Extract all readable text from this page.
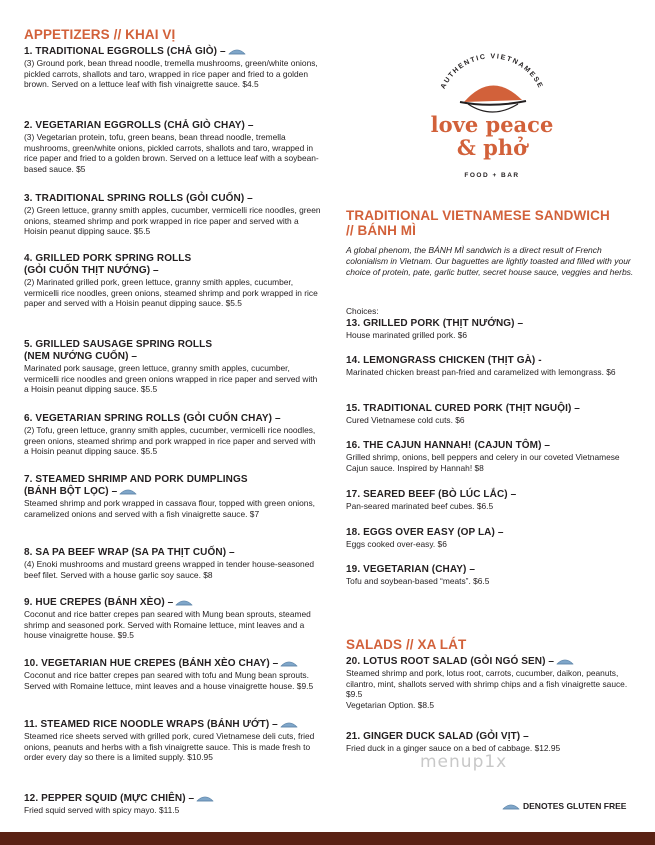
APPETIZERS // KHAI VỊ
1. TRADITIONAL EGGROLLS (CHẢ GIÒ) –
(3) Ground pork, bean thread noodle, tremella mushrooms, green/white onions, pickled carrots, shallots and taro, wrapped in rice paper and fried to a golden brown. Served on a lettuce leaf with fish vinaigrette sauce. $4.5
2. VEGETARIAN EGGROLLS (CHẢ GIÒ CHAY) –
(3) Vegetarian protein, tofu, green beans, bean thread noodle, tremella mushrooms, green/white onions, pickled carrots, shallots and taro, wrapped in rice paper and fried to a golden brown. Served on a lettuce leaf with a soybean-based sauce. $5
3. TRADITIONAL SPRING ROLLS (GỎI CUỐN) –
(2) Green lettuce, granny smith apples, cucumber, vermicelli rice noodles, green onions, steamed shrimp and pork wrapped in rice paper and served with a Hoisin peanut dipping sauce. $5.5
4. GRILLED PORK SPRING ROLLS
(GỎI CUỐN THỊT NƯỚNG) –
(2) Marinated grilled pork, green lettuce, granny smith apples, cucumber, vermicelli rice noodles, green onions, steamed shrimp and pork wrapped in rice paper and served with a Hoisin peanut dipping sauce. $5.5
5. GRILLED SAUSAGE SPRING ROLLS
(NEM NƯỚNG CUỐN) –
Marinated pork sausage, green lettuce, granny smith apples, cucumber, vermicelli rice noodles and green onions wrapped in rice paper and served with a Hoisin peanut dipping sauce. $5.5
6. VEGETARIAN SPRING ROLLS (GỎI CUỐN CHAY) –
(2) Tofu, green lettuce, granny smith apples, cucumber, vermicelli rice noodles, green onions, steamed shrimp and pork wrapped in rice paper and served with a Hoisin peanut dipping sauce. $5.5
7. STEAMED SHRIMP AND PORK DUMPLINGS
(BÁNH BỘT LỌC) –
Steamed shrimp and pork wrapped in cassava flour, topped with green onions, caramelized onions and served with a fish vinaigrette sauce. $7
8. SA PA BEEF WRAP (SA PA THỊT CUỐN) –
(4) Enoki mushrooms and mustard greens wrapped in tender house-seasoned beef filet. Served with a house garlic soy sauce. $8
9. HUE CREPES (BÁNH XÈO) –
Coconut and rice batter crepes pan seared with Mung bean sprouts, steamed shrimp and seasoned pork. Served with Romaine lettuce, mint leaves and a house vinaigrette house. $9.5
10. VEGETARIAN HUE CREPES (BÁNH XÈO CHAY) –
Coconut and rice batter crepes pan seared with tofu and Mung bean sprouts. Served with Romaine lettuce, mint leaves and a house vinaigrette house. $9.5
11. STEAMED RICE NOODLE WRAPS (BÁNH ƯỚT) –
Steamed rice sheets served with grilled pork, cured Vietnamese deli cuts, fried onions, peanuts and herbs with a fish vinaigrette sauce. This is made fresh to order every day so there is a limited supply. $10.95
12. PEPPER SQUID (MỰC CHIÊN) –
Fried squid served with spicy mayo. $11.5
AUTHENTIC VIETNAMESE
love peace
& phở
FOOD + BAR
TRADITIONAL VIETNAMESE SANDWICH
// BÁNH MÌ
A global phenom, the BÁNH MÌ sandwich is a direct result of French colonialism in Vietnam. Our baguettes are lightly toasted and filled with your choice of protein, pate, garlic butter, secret house sauce, veggies and herbs.
Choices:
13. GRILLED PORK (THỊT NƯỚNG) –
House marinated grilled pork. $6
14. LEMONGRASS CHICKEN (THỊT GÀ) -
Marinated chicken breast pan-fried and caramelized with lemongrass. $6
15. TRADITIONAL CURED PORK (THỊT NGUỘI) –
Cured Vietnamese cold cuts. $6
16. THE CAJUN HANNAH! (CAJUN TÔM) –
Grilled shrimp, onions, bell peppers and celery in our coveted Vietnamese Cajun sauce. Inspired by Hannah! $8
17. SEARED BEEF (BÒ LÚC LẮC) –
Pan-seared marinated beef cubes. $6.5
18. EGGS OVER EASY (OP LA) –
Eggs cooked over-easy. $6
19. VEGETARIAN (CHAY) –
Tofu and soybean-based “meats”. $6.5
SALADS // XA LÁT
20. LOTUS ROOT SALAD (GỎI NGÓ SEN) –
Steamed shrimp and pork, lotus root, carrots, cucumber, daikon, peanuts, cilantro, mint, shallots served with shrimp chips and a fish vinaigrette sauce. $9.5
Vegetarian Option. $8.5
21. GINGER DUCK SALAD (GỎI VỊT) –
Fried duck in a ginger sauce on a bed of cabbage. $12.95
menup1x
DENOTES GLUTEN FREE
